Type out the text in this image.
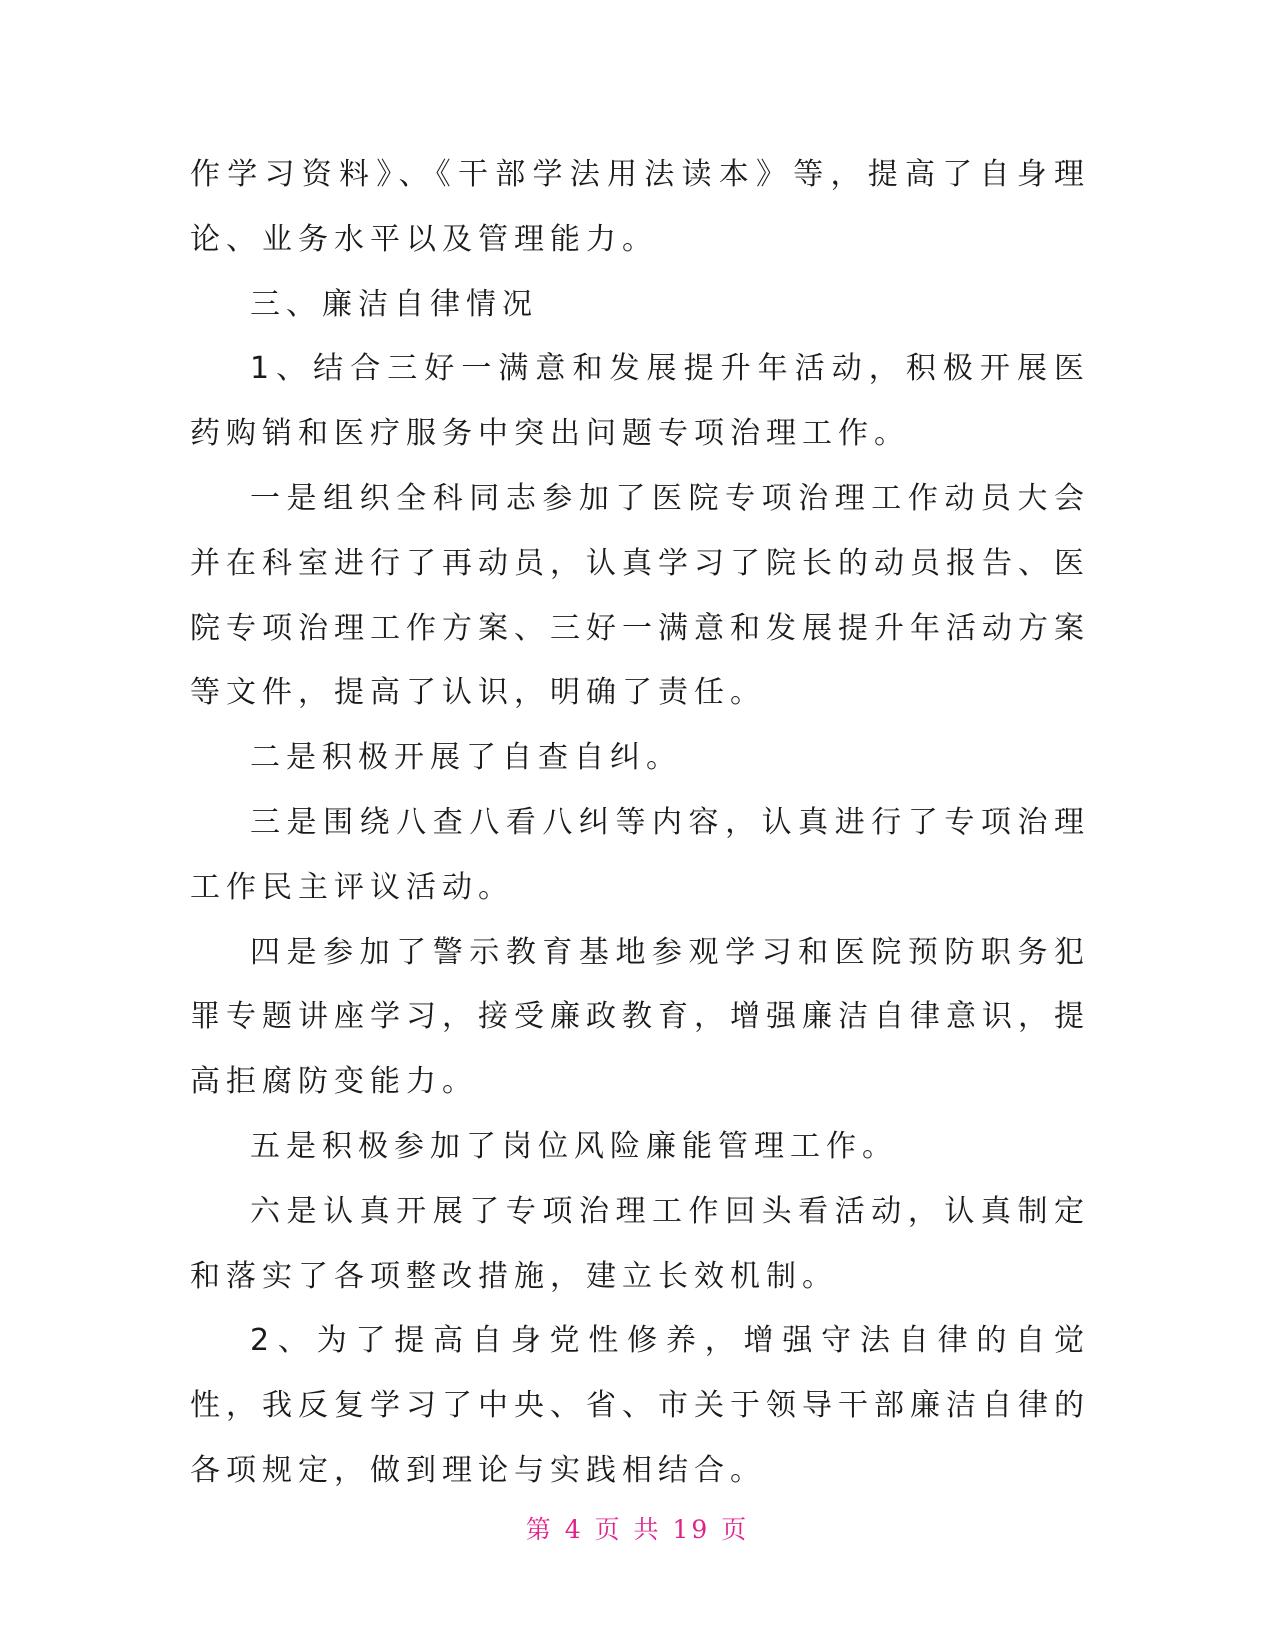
作学习资料》、《干部学法用法读本》等，提高了自身理论、业务水平以及管理能力。

三、廉洁自律情况

1、结合三好一满意和发展提升年活动，积极开展医药购销和医疗服务中突出问题专项治理工作。

一是组织全科同志参加了医院专项治理工作动员大会并在科室进行了再动员，认真学习了院长的动员报告、医院专项治理工作方案、三好一满意和发展提升年活动方案等文件，提高了认识，明确了责任。

二是积极开展了自查自纠。

三是围绕八查八看八纠等内容，认真进行了专项治理工作民主评议活动。

四是参加了警示教育基地参观学习和医院预防职务犯罪专题讲座学习，接受廉政教育，增强廉洁自律意识，提高拒腐防变能力。

五是积极参加了岗位风险廉能管理工作。

六是认真开展了专项治理工作回头看活动，认真制定和落实了各项整改措施，建立长效机制。

2、为了提高自身党性修养，增强守法自律的自觉性，我反复学习了中央、省、市关于领导干部廉洁自律的各项规定，做到理论与实践相结合。

第 4 页 共 19 页
